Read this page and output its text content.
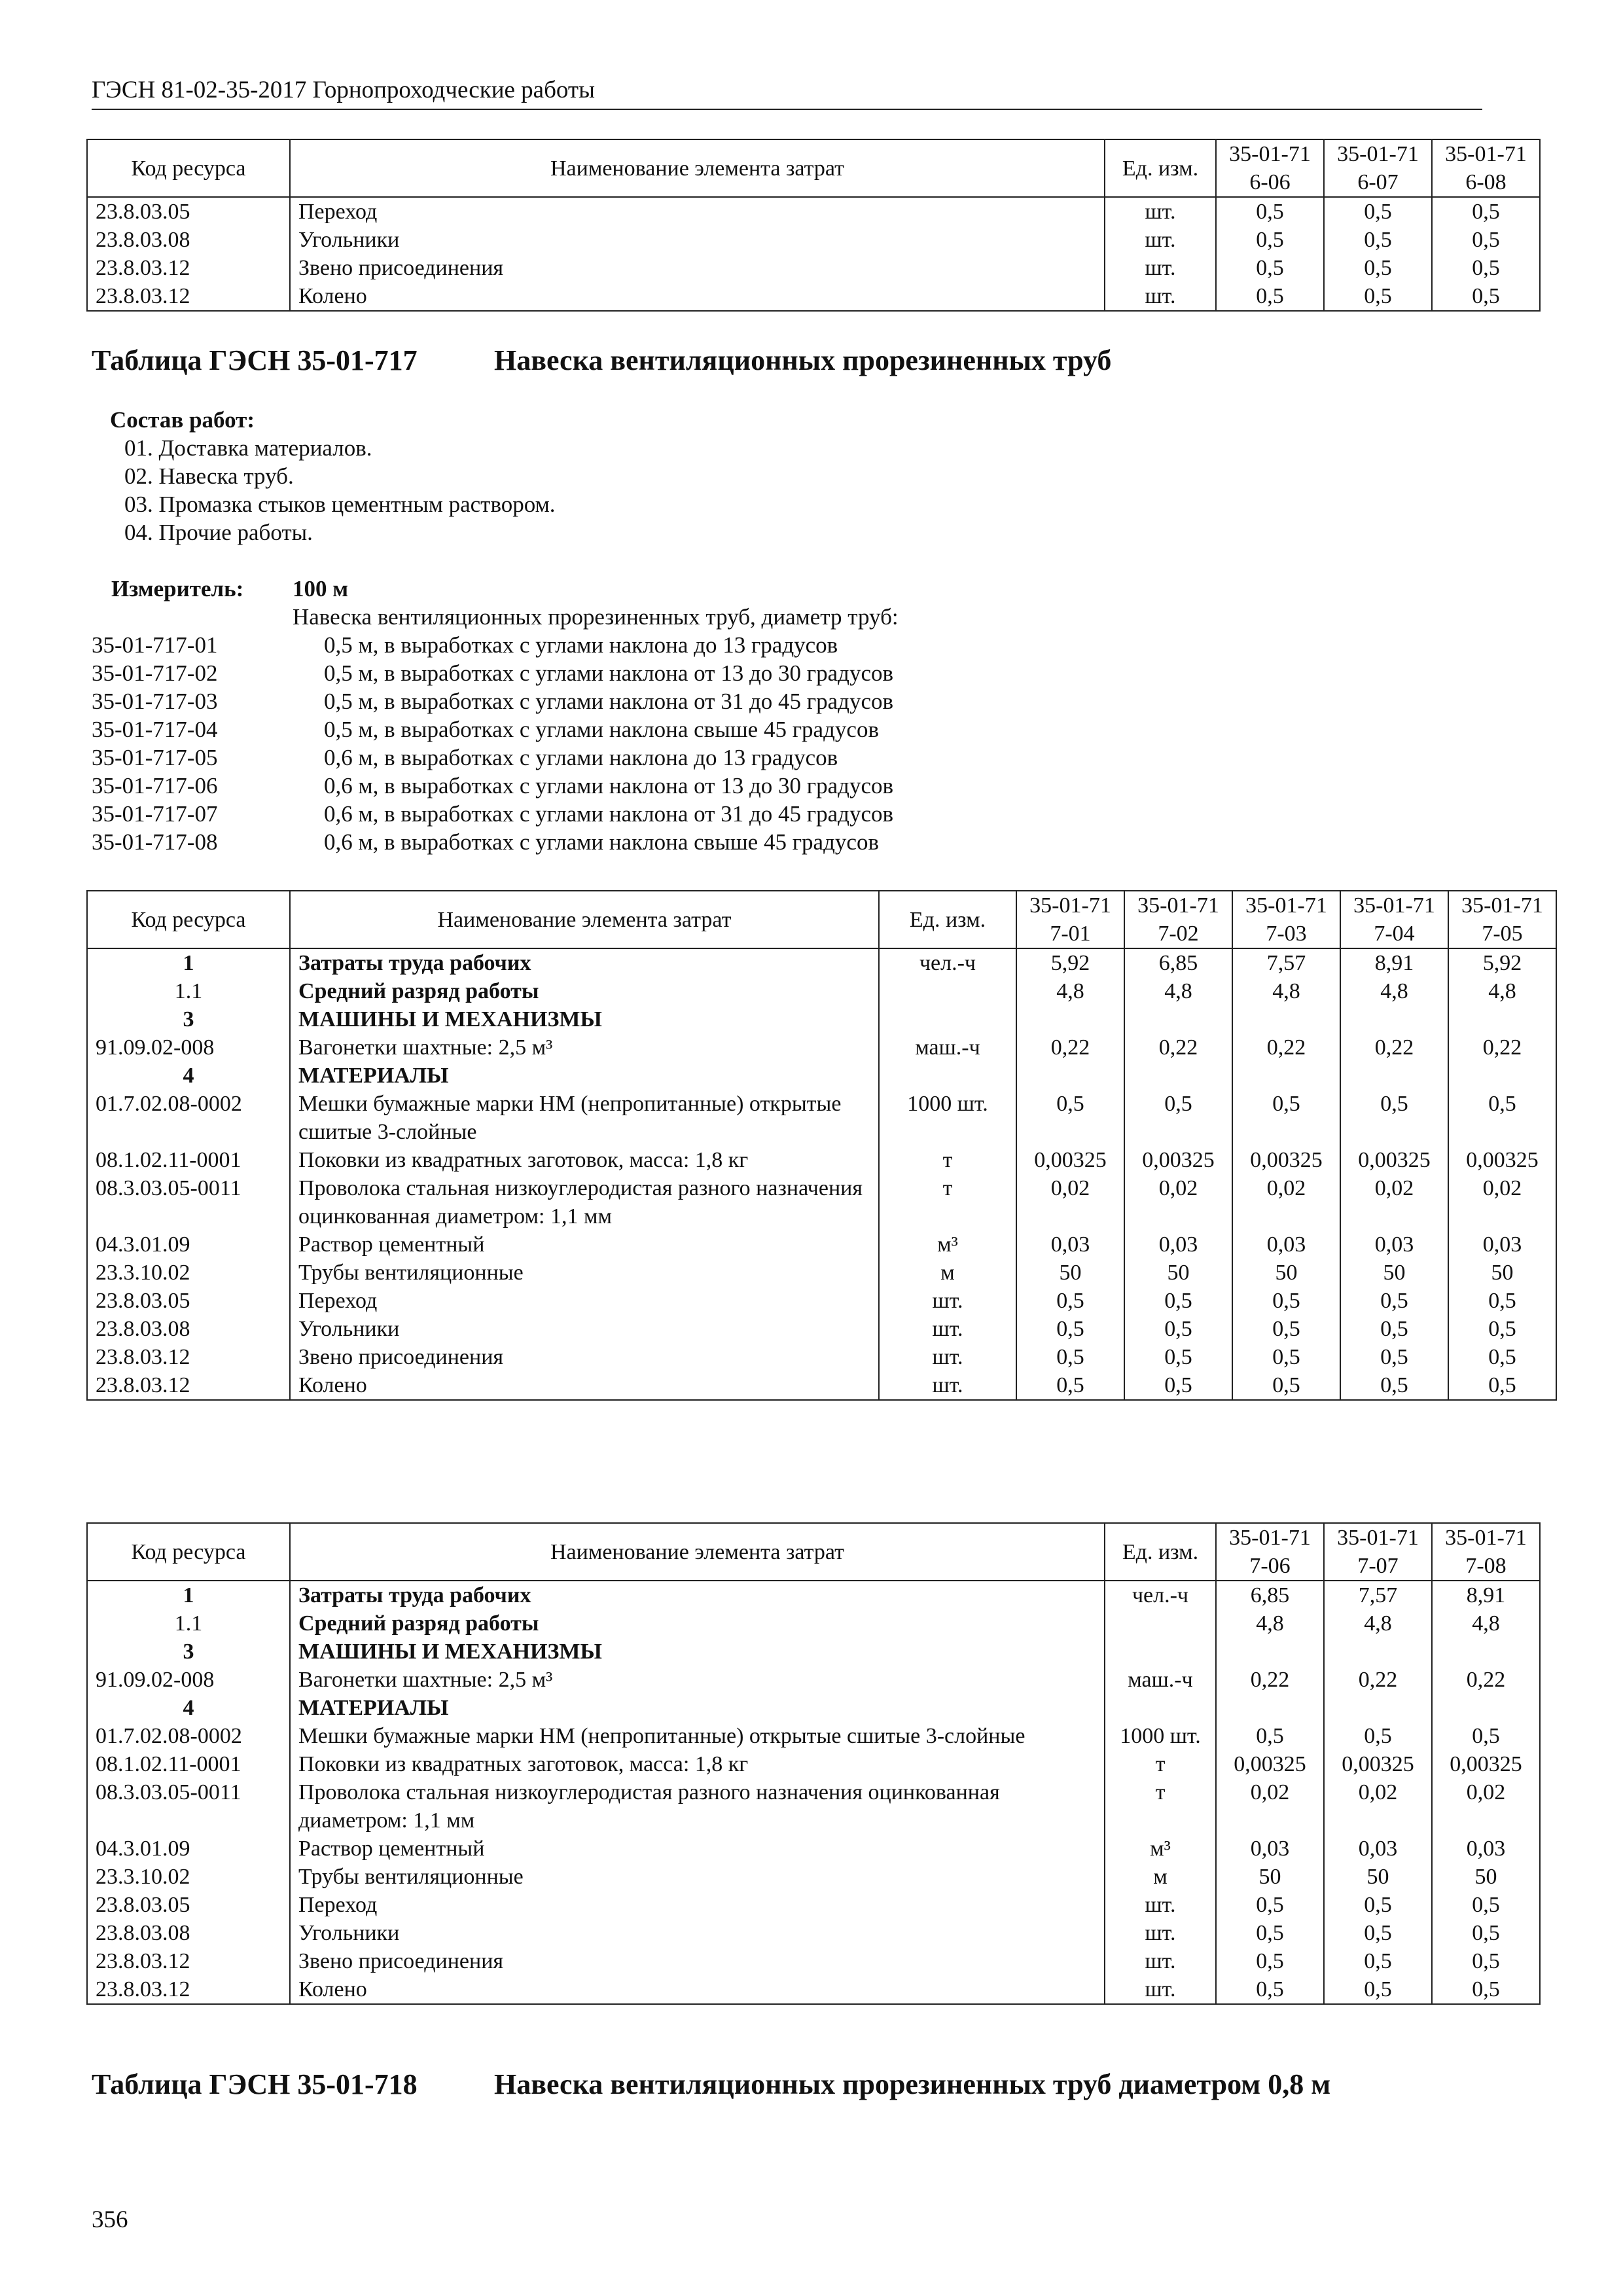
ГЭСН 81-02-35-2017 Горнопроходческие работы
Код ресурса	Наименование элемента затрат	Ед. изм.	35-01-716-06	35-01-716-07	35-01-716-08
23.8.03.05	Переход	шт.	0,5	0,5	0,5
23.8.03.08	Угольники	шт.	0,5	0,5	0,5
23.8.03.12	Звено присоединения	шт.	0,5	0,5	0,5
23.8.03.12	Колено	шт.	0,5	0,5	0,5
Таблица ГЭСН 35-01-717	Навеска вентиляционных прорезиненных труб
Состав работ:
01. Доставка материалов.
02. Навеска труб.
03. Промазка стыков цементным раствором.
04. Прочие работы.
Измеритель: 100 м
Навеска вентиляционных прорезиненных труб, диаметр труб:
35-01-717-01	0,5 м, в выработках с углами наклона до 13 градусов
35-01-717-02	0,5 м, в выработках с углами наклона от 13 до 30 градусов
35-01-717-03	0,5 м, в выработках с углами наклона от 31 до 45 градусов
35-01-717-04	0,5 м, в выработках с углами наклона свыше 45 градусов
35-01-717-05	0,6 м, в выработках с углами наклона до 13 градусов
35-01-717-06	0,6 м, в выработках с углами наклона от 13 до 30 градусов
35-01-717-07	0,6 м, в выработках с углами наклона от 31 до 45 градусов
35-01-717-08	0,6 м, в выработках с углами наклона свыше 45 градусов
Код ресурса	Наименование элемента затрат	Ед. изм.	35-01-717-01	35-01-717-02	35-01-717-03	35-01-717-04	35-01-717-05
1	Затраты труда рабочих	чел.-ч	5,92	6,85	7,57	8,91	5,92
1.1	Средний разряд работы		4,8	4,8	4,8	4,8	4,8
3	МАШИНЫ И МЕХАНИЗМЫ						
91.09.02-008	Вагонетки шахтные: 2,5 м³	маш.-ч	0,22	0,22	0,22	0,22	0,22
4	МАТЕРИАЛЫ						
01.7.02.08-0002	Мешки бумажные марки НМ (непропитанные) открытые сшитые 3-слойные	1000 шт.	0,5	0,5	0,5	0,5	0,5
08.1.02.11-0001	Поковки из квадратных заготовок, масса: 1,8 кг	т	0,00325	0,00325	0,00325	0,00325	0,00325
08.3.03.05-0011	Проволока стальная низкоуглеродистая разного назначения оцинкованная диаметром: 1,1 мм	т	0,02	0,02	0,02	0,02	0,02
04.3.01.09	Раствор цементный	м³	0,03	0,03	0,03	0,03	0,03
23.3.10.02	Трубы вентиляционные	м	50	50	50	50	50
23.8.03.05	Переход	шт.	0,5	0,5	0,5	0,5	0,5
23.8.03.08	Угольники	шт.	0,5	0,5	0,5	0,5	0,5
23.8.03.12	Звено присоединения	шт.	0,5	0,5	0,5	0,5	0,5
23.8.03.12	Колено	шт.	0,5	0,5	0,5	0,5	0,5
Код ресурса	Наименование элемента затрат	Ед. изм.	35-01-717-06	35-01-717-07	35-01-717-08
1	Затраты труда рабочих	чел.-ч	6,85	7,57	8,91
1.1	Средний разряд работы		4,8	4,8	4,8
3	МАШИНЫ И МЕХАНИЗМЫ				
91.09.02-008	Вагонетки шахтные: 2,5 м³	маш.-ч	0,22	0,22	0,22
4	МАТЕРИАЛЫ				
01.7.02.08-0002	Мешки бумажные марки НМ (непропитанные) открытые сшитые 3-слойные	1000 шт.	0,5	0,5	0,5
08.1.02.11-0001	Поковки из квадратных заготовок, масса: 1,8 кг	т	0,00325	0,00325	0,00325
08.3.03.05-0011	Проволока стальная низкоуглеродистая разного назначения оцинкованная диаметром: 1,1 мм	т	0,02	0,02	0,02
04.3.01.09	Раствор цементный	м³	0,03	0,03	0,03
23.3.10.02	Трубы вентиляционные	м	50	50	50
23.8.03.05	Переход	шт.	0,5	0,5	0,5
23.8.03.08	Угольники	шт.	0,5	0,5	0,5
23.8.03.12	Звено присоединения	шт.	0,5	0,5	0,5
23.8.03.12	Колено	шт.	0,5	0,5	0,5
Таблица ГЭСН 35-01-718	Навеска вентиляционных прорезиненных труб диаметром 0,8 м
356
